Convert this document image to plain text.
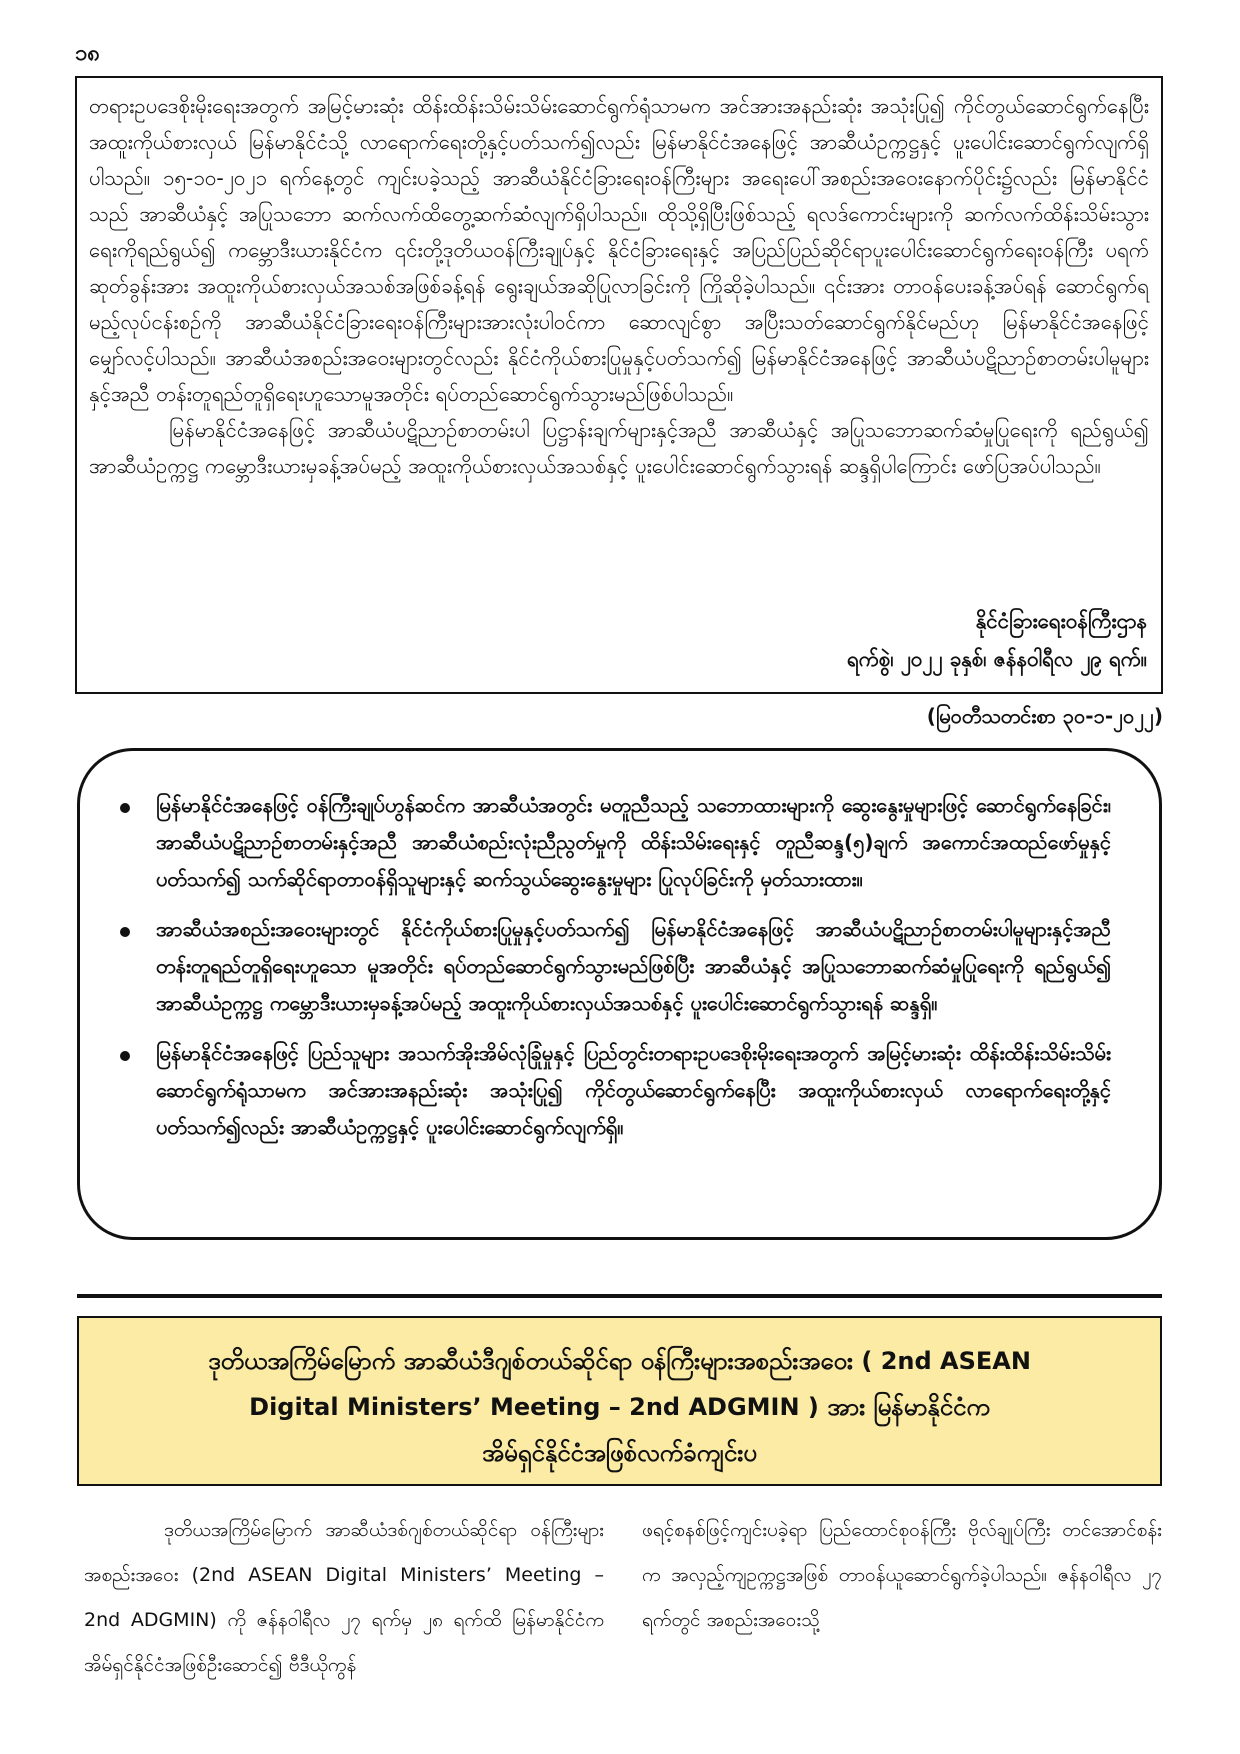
၁၈

တရားဥပဒေစိုးမိုးရေးအတွက် အမြင့်မားဆုံး ထိန်းထိန်းသိမ်းသိမ်းဆောင်ရွက်ရုံသာမက အင်အားအနည်းဆုံး အသုံးပြု၍ ကိုင်တွယ်ဆောင်ရွက်နေပြီး အထူးကိုယ်စားလှယ် မြန်မာနိုင်ငံသို့ လာရောက်ရေးတို့နှင့်ပတ်သက်၍လည်း မြန်မာနိုင်ငံအနေဖြင့် အာဆီယံဥက္ကဋ္ဌနှင့် ပူးပေါင်းဆောင်ရွက်လျက်ရှိပါသည်။ ၁၅-၁၀-၂၀၂၁ ရက်နေ့တွင် ကျင်းပခဲ့သည့် အာဆီယံနိုင်ငံခြားရေးဝန်ကြီးများ အရေးပေါ်အစည်းအဝေးနောက်ပိုင်း၌လည်း မြန်မာနိုင်ငံသည် အာဆီယံနှင့် အပြုသဘော ဆက်လက်ထိတွေ့ဆက်ဆံလျက်ရှိပါသည်။ ထိုသို့ရှိပြီးဖြစ်သည့် ရလဒ်ကောင်းများကို ဆက်လက်ထိန်းသိမ်းသွားရေးကိုရည်ရွယ်၍ ကမ္ဘောဒီးယားနိုင်ငံက ၎င်းတို့ဒုတိယဝန်ကြီးချုပ်နှင့် နိုင်ငံခြားရေးနှင့် အပြည်ပြည်ဆိုင်ရာပူးပေါင်းဆောင်ရွက်ရေးဝန်ကြီး ပရက်ဆုတ်ခွန်းအား အထူးကိုယ်စားလှယ်အသစ်အဖြစ်ခန့်ရန် ရွေးချယ်အဆိုပြုလာခြင်းကို ကြိုဆိုခဲ့ပါသည်။ ၎င်းအား တာဝန်ပေးခန့်အပ်ရန် ဆောင်ရွက်ရမည့်လုပ်ငန်းစဉ်ကို အာဆီယံနိုင်ငံခြားရေးဝန်ကြီးများအားလုံးပါဝင်ကာ ဆောလျင်စွာ အပြီးသတ်ဆောင်ရွက်နိုင်မည်ဟု မြန်မာနိုင်ငံအနေဖြင့် မျှော်လင့်ပါသည်။ အာဆီယံအစည်းအဝေးများတွင်လည်း နိုင်ငံကိုယ်စားပြုမှုနှင့်ပတ်သက်၍ မြန်မာနိုင်ငံအနေဖြင့် အာဆီယံပဋိညာဉ်စာတမ်းပါမူများနှင့်အညီ တန်းတူရည်တူရှိရေးဟူသောမူအတိုင်း ရပ်တည်ဆောင်ရွက်သွားမည်ဖြစ်ပါသည်။

မြန်မာနိုင်ငံအနေဖြင့် အာဆီယံပဋိညာဉ်စာတမ်းပါ ပြဋ္ဌာန်းချက်များနှင့်အညီ အာဆီယံနှင့် အပြုသဘောဆက်ဆံမှုပြုရေးကို ရည်ရွယ်၍ အာဆီယံဥက္ကဋ္ဌ ကမ္ဘောဒီးယားမှခန့်အပ်မည့် အထူးကိုယ်စားလှယ်အသစ်နှင့် ပူးပေါင်းဆောင်ရွက်သွားရန် ဆန္ဒရှိပါကြောင်း ဖော်ပြအပ်ပါသည်။

နိုင်ငံခြားရေးဝန်ကြီးဌာန
ရက်စွဲ၊ ၂၀၂၂ ခုနှစ်၊ ဇန်နဝါရီလ ၂၉ ရက်။
(မြဝတီသတင်းစာ ၃၀-၁-၂၀၂၂)
မြန်မာနိုင်ငံအနေဖြင့် ဝန်ကြီးချုပ်ဟွန်ဆင်က အာဆီယံအတွင်း မတူညီသည့် သဘောထားများကို ဆွေးနွေးမှုများဖြင့် ဆောင်ရွက်နေခြင်း၊ အာဆီယံပဋိညာဉ်စာတမ်းနှင့်အညီ အာဆီယံစည်းလုံးညီညွတ်မှုကို ထိန်းသိမ်းရေးနှင့် တူညီဆန္ဒ(၅)ချက် အကောင်အထည်ဖော်မှုနှင့်ပတ်သက်၍ သက်ဆိုင်ရာတာဝန်ရှိသူများနှင့် ဆက်သွယ်ဆွေးနွေးမှုများ ပြုလုပ်ခြင်းကို မှတ်သားထား။
အာဆီယံအစည်းအဝေးများတွင် နိုင်ငံကိုယ်စားပြုမှုနှင့်ပတ်သက်၍ မြန်မာနိုင်ငံအနေဖြင့် အာဆီယံပဋိညာဉ်စာတမ်းပါမူများနှင့်အညီ တန်းတူရည်တူရှိရေးဟူသော မူအတိုင်း ရပ်တည်ဆောင်ရွက်သွားမည်ဖြစ်ပြီး အာဆီယံနှင့် အပြုသဘောဆက်ဆံမှုပြုရေးကို ရည်ရွယ်၍ အာဆီယံဥက္ကဋ္ဌ ကမ္ဘောဒီးယားမှခန့်အပ်မည့် အထူးကိုယ်စားလှယ်အသစ်နှင့် ပူးပေါင်းဆောင်ရွက်သွားရန် ဆန္ဒရှိ။
မြန်မာနိုင်ငံအနေဖြင့် ပြည်သူများ အသက်အိုးအိမ်လုံခြုံမှုနှင့် ပြည်တွင်းတရားဥပဒေစိုးမိုးရေးအတွက် အမြင့်မားဆုံး ထိန်းထိန်းသိမ်းသိမ်းဆောင်ရွက်ရုံသာမက အင်အားအနည်းဆုံး အသုံးပြု၍ ကိုင်တွယ်ဆောင်ရွက်နေပြီး အထူးကိုယ်စားလှယ် လာရောက်ရေးတို့နှင့်ပတ်သက်၍လည်း အာဆီယံဥက္ကဋ္ဌနှင့် ပူးပေါင်းဆောင်ရွက်လျက်ရှိ။
ဒုတိယအကြိမ်မြောက် အာဆီယံဒီဂျစ်တယ်ဆိုင်ရာ ဝန်ကြီးများအစည်းအဝေး ( 2nd ASEAN
Digital Ministers’ Meeting – 2nd ADGMIN ) အား မြန်မာနိုင်ငံက
အိမ်ရှင်နိုင်ငံအဖြစ်လက်ခံကျင်းပ

ဒုတိယအကြိမ်မြောက် အာဆီယံဒစ်ဂျစ်တယ်ဆိုင်ရာ ဝန်ကြီးများအစည်းအဝေး (2nd ASEAN Digital Ministers’ Meeting – 2nd ADGMIN) ကို ဇန်နဝါရီလ ၂၇ ရက်မှ ၂၈ ရက်ထိ မြန်မာနိုင်ငံက အိမ်ရှင်နိုင်ငံအဖြစ်ဦးဆောင်၍ ဗီဒီယိုကွန်

ဖရင့်စနစ်ဖြင့်ကျင်းပခဲ့ရာ ပြည်ထောင်စုဝန်ကြီး ဗိုလ်ချုပ်ကြီး တင်အောင်စန်းက အလှည့်ကျဥက္ကဋ္ဌအဖြစ် တာဝန်ယူဆောင်ရွက်ခဲ့ပါသည်။ ဇန်နဝါရီလ ၂၇ ရက်တွင် အစည်းအဝေးသို့
